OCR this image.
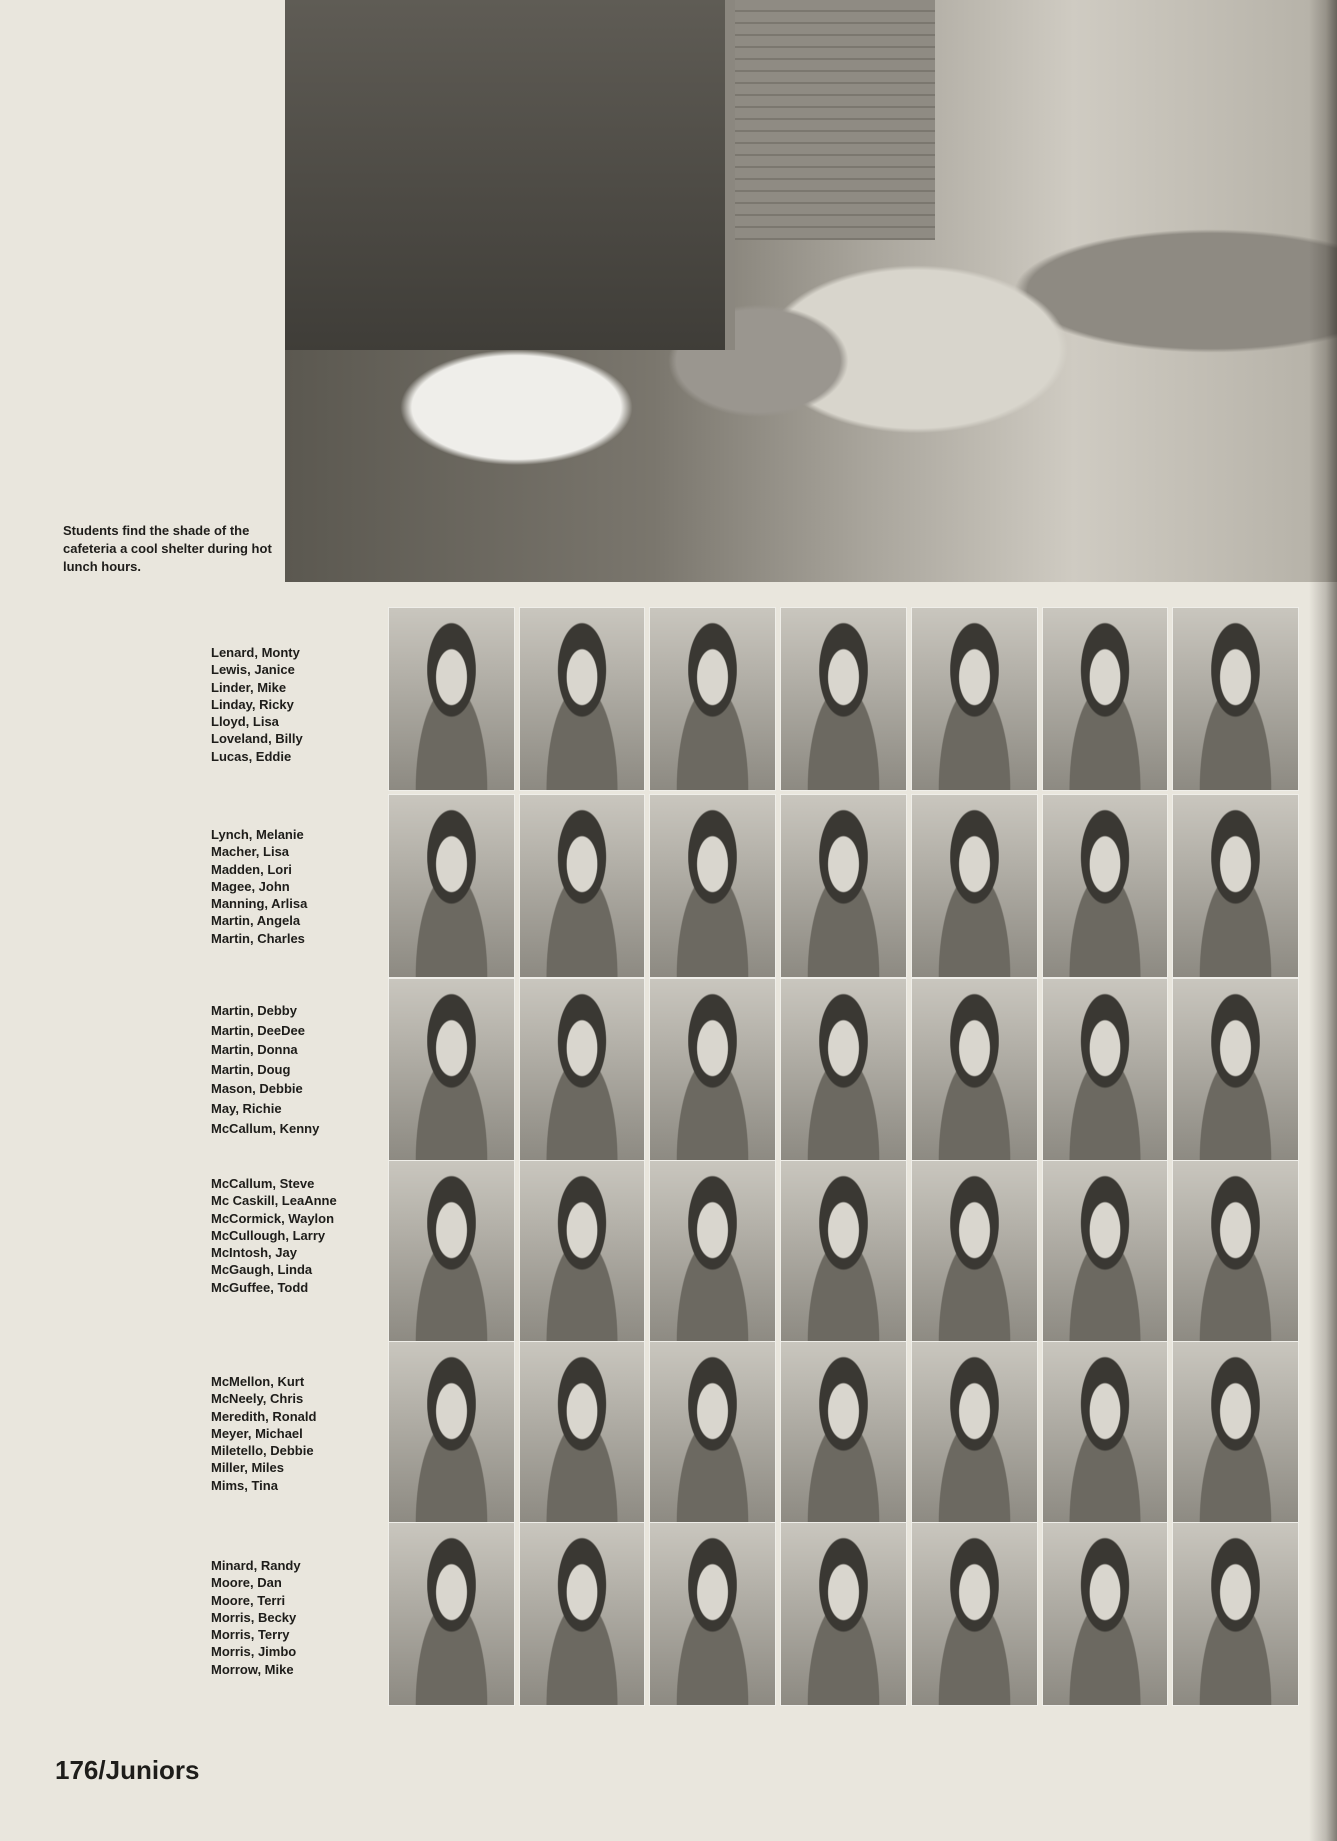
Students find the shade of the cafeteria a cool shelter during hot lunch hours.
Lenard, Monty
Lewis, Janice
Linder, Mike
Linday, Ricky
Lloyd, Lisa
Loveland, Billy
Lucas, Eddie
Lynch, Melanie
Macher, Lisa
Madden, Lori
Magee, John
Manning, Arlisa
Martin, Angela
Martin, Charles
Martin, Debby
Martin, DeeDee
Martin, Donna
Martin, Doug
Mason, Debbie
May, Richie
McCallum, Kenny
McCallum, Steve
Mc Caskill, LeaAnne
McCormick, Waylon
McCullough, Larry
McIntosh, Jay
McGaugh, Linda
McGuffee, Todd
McMellon, Kurt
McNeely, Chris
Meredith, Ronald
Meyer, Michael
Miletello, Debbie
Miller, Miles
Mims, Tina
Minard, Randy
Moore, Dan
Moore, Terri
Morris, Becky
Morris, Terry
Morris, Jimbo
Morrow, Mike
176/Juniors
